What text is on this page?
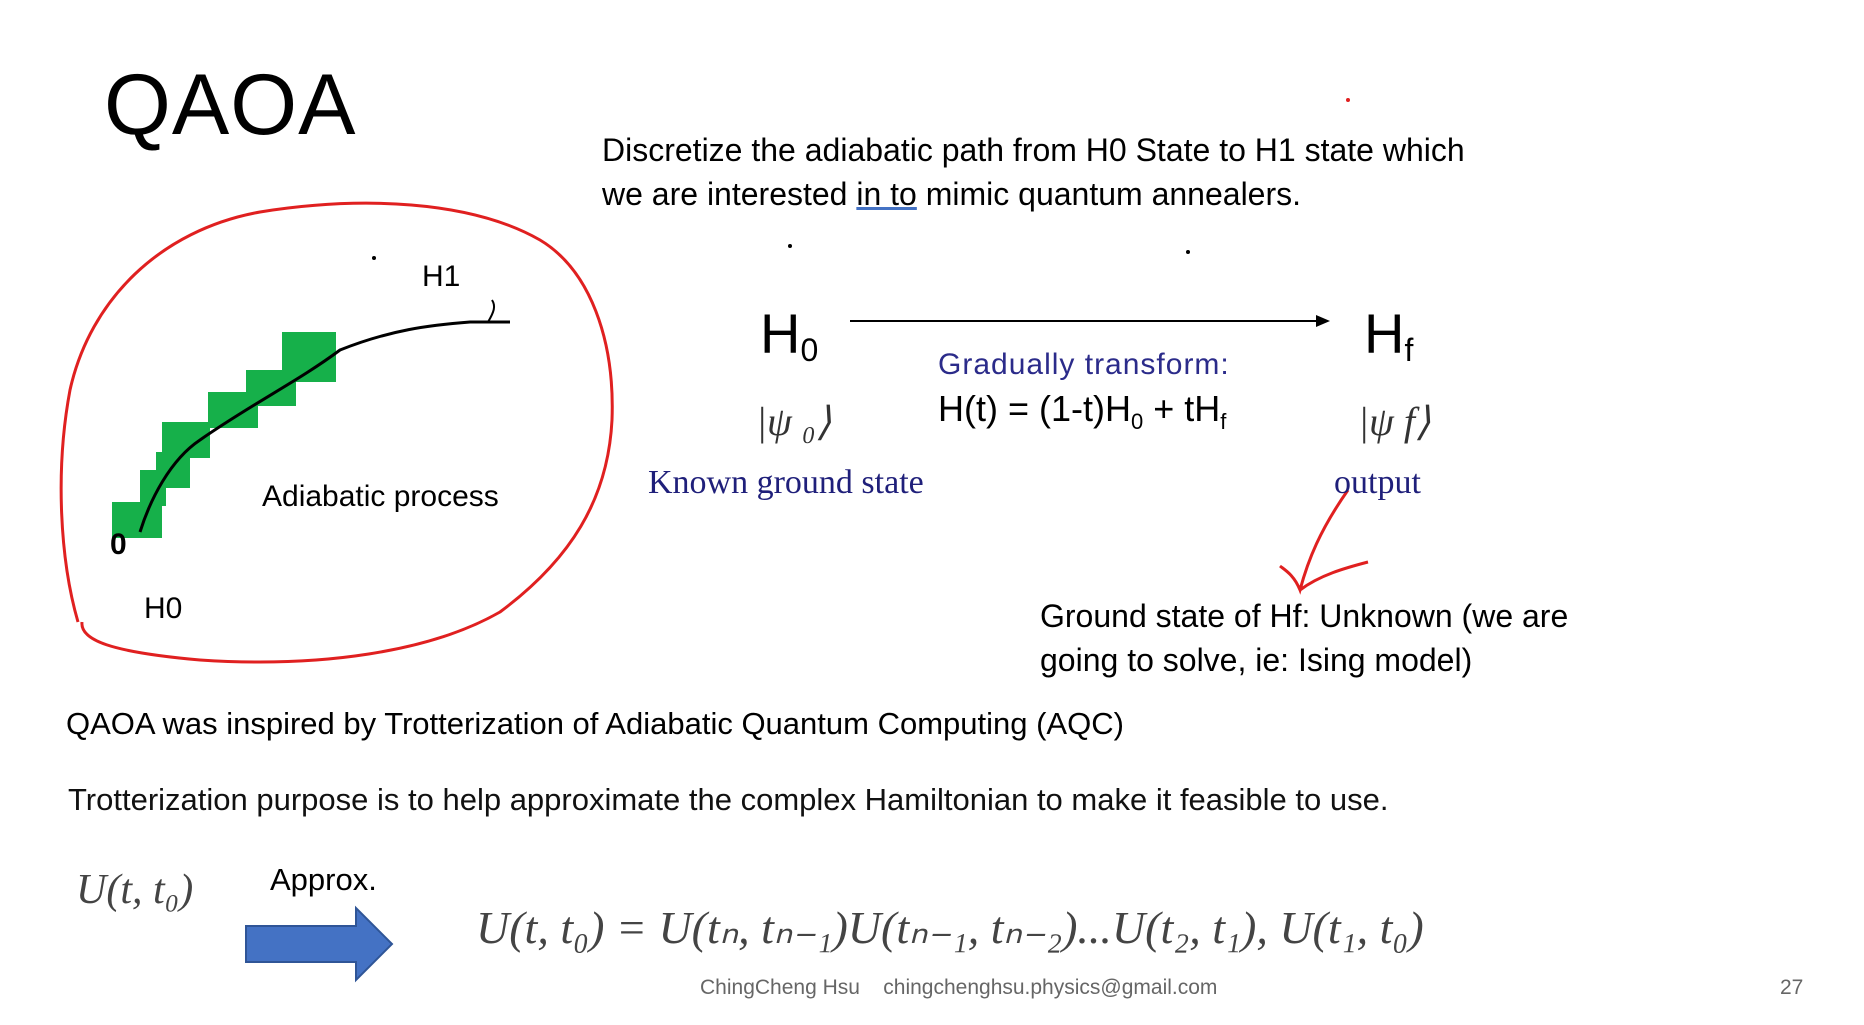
QAOA	Discretize the adiabatic path from H0 State to H1 state which we are interested in to mimic quantum annealers.
H1
Adiabatic process
0
H0
$H_0$	$H_f$
Gradually transform:
$H(t) = (1-t)H_0 + tH_f$
|ψ ₀⟩	|ψ f⟩
Known ground state	output
Ground state of Hf: Unknown (we are
going to solve, ie: Ising model)
QAOA was inspired by Trotterization of Adiabatic Quantum Computing (AQC)
Trotterization purpose is to help approximate the complex Hamiltonian to make it feasible to use.
U(t, t₀) Approx.
U(t, t₀) = U(tₙ, tₙ₋₁)U(tₙ₋₁, tₙ₋₂)...U(t₂, t₁), U(t₁, t₀)
ChingCheng Hsu    chingchenghsu.physics@gmail.com	27
